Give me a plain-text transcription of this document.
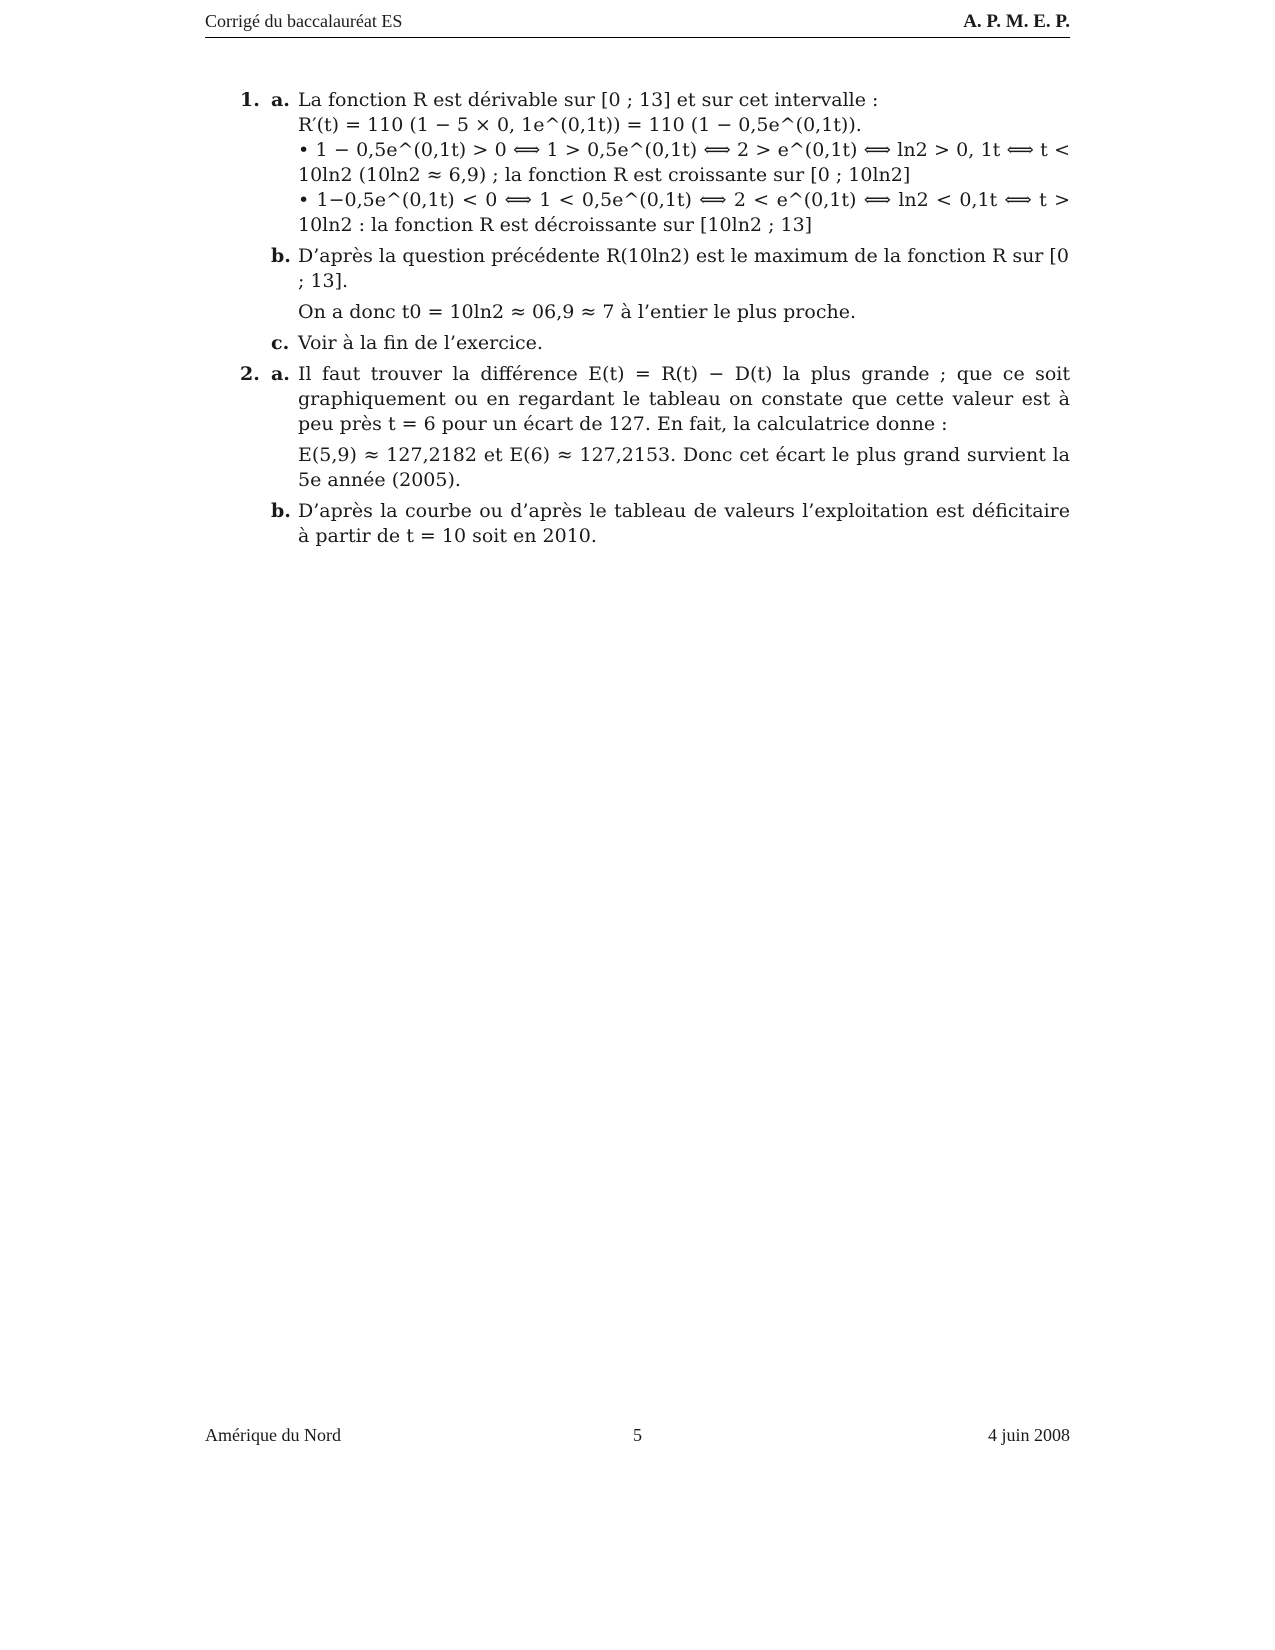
Corrigé du baccalauréat ES	A. P. M. E. P.
1. a. La fonction R est dérivable sur [0 ; 13] et sur cet intervalle :

R′(t) = 110 (1 − 5 × 0, 1e^(0,1t)) = 110 (1 − 0,5e^(0,1t)).

• 1 − 0,5e^(0,1t) > 0 ⟺ 1 > 0,5e^(0,1t) ⟺ 2 > e^(0,1t) ⟺ ln2 > 0, 1t ⟺ t < 10ln2 (10ln2 ≈ 6,9) ; la fonction R est croissante sur [0 ; 10ln2]

• 1−0,5e^(0,1t) < 0 ⟺ 1 < 0,5e^(0,1t) ⟺ 2 < e^(0,1t) ⟺ ln2 < 0,1t ⟺ t > 10ln2 : la fonction R est décroissante sur [10ln2 ; 13]

b. D’après la question précédente R(10ln2) est le maximum de la fonction R sur [0 ; 13].

On a donc t0 = 10ln2 ≈ 06,9 ≈ 7 à l’entier le plus proche.

c. Voir à la fin de l’exercice.

2. a. Il faut trouver la différence E(t) = R(t) − D(t) la plus grande ; que ce soit graphiquement ou en regardant le tableau on constate que cette valeur est à peu près t = 6 pour un écart de 127. En fait, la calculatrice donne :

E(5,9) ≈ 127,2182 et E(6) ≈ 127,2153. Donc cet écart le plus grand survient la 5e année (2005).

b. D’après la courbe ou d’après le tableau de valeurs l’exploitation est déficitaire à partir de t = 10 soit en 2010.

Amérique du Nord	5	4 juin 2008
